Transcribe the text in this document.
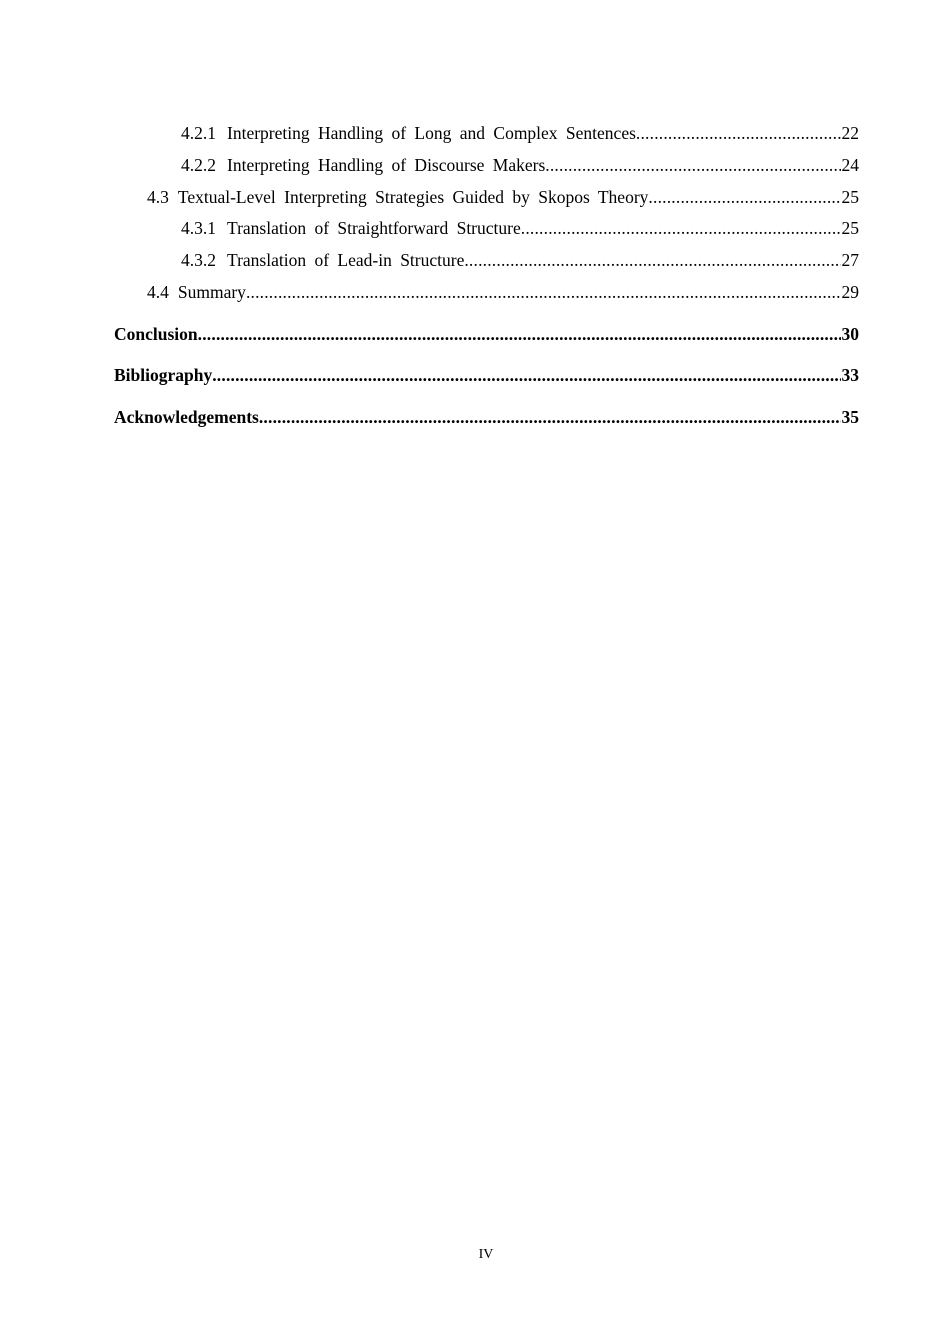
4.2.1 Interpreting Handling of Long and Complex Sentences .....	22
4.2.2 Interpreting Handling of Discourse Makers .....	24
4.3 Textual-Level Interpreting Strategies Guided by Skopos Theory .....	25
4.3.1 Translation of Straightforward Structure .....	25
4.3.2 Translation of Lead-in Structure .....	27
4.4 Summary .....	29
Conclusion .....	30
Bibliography .....	33
Acknowledgements .....	35
IV
